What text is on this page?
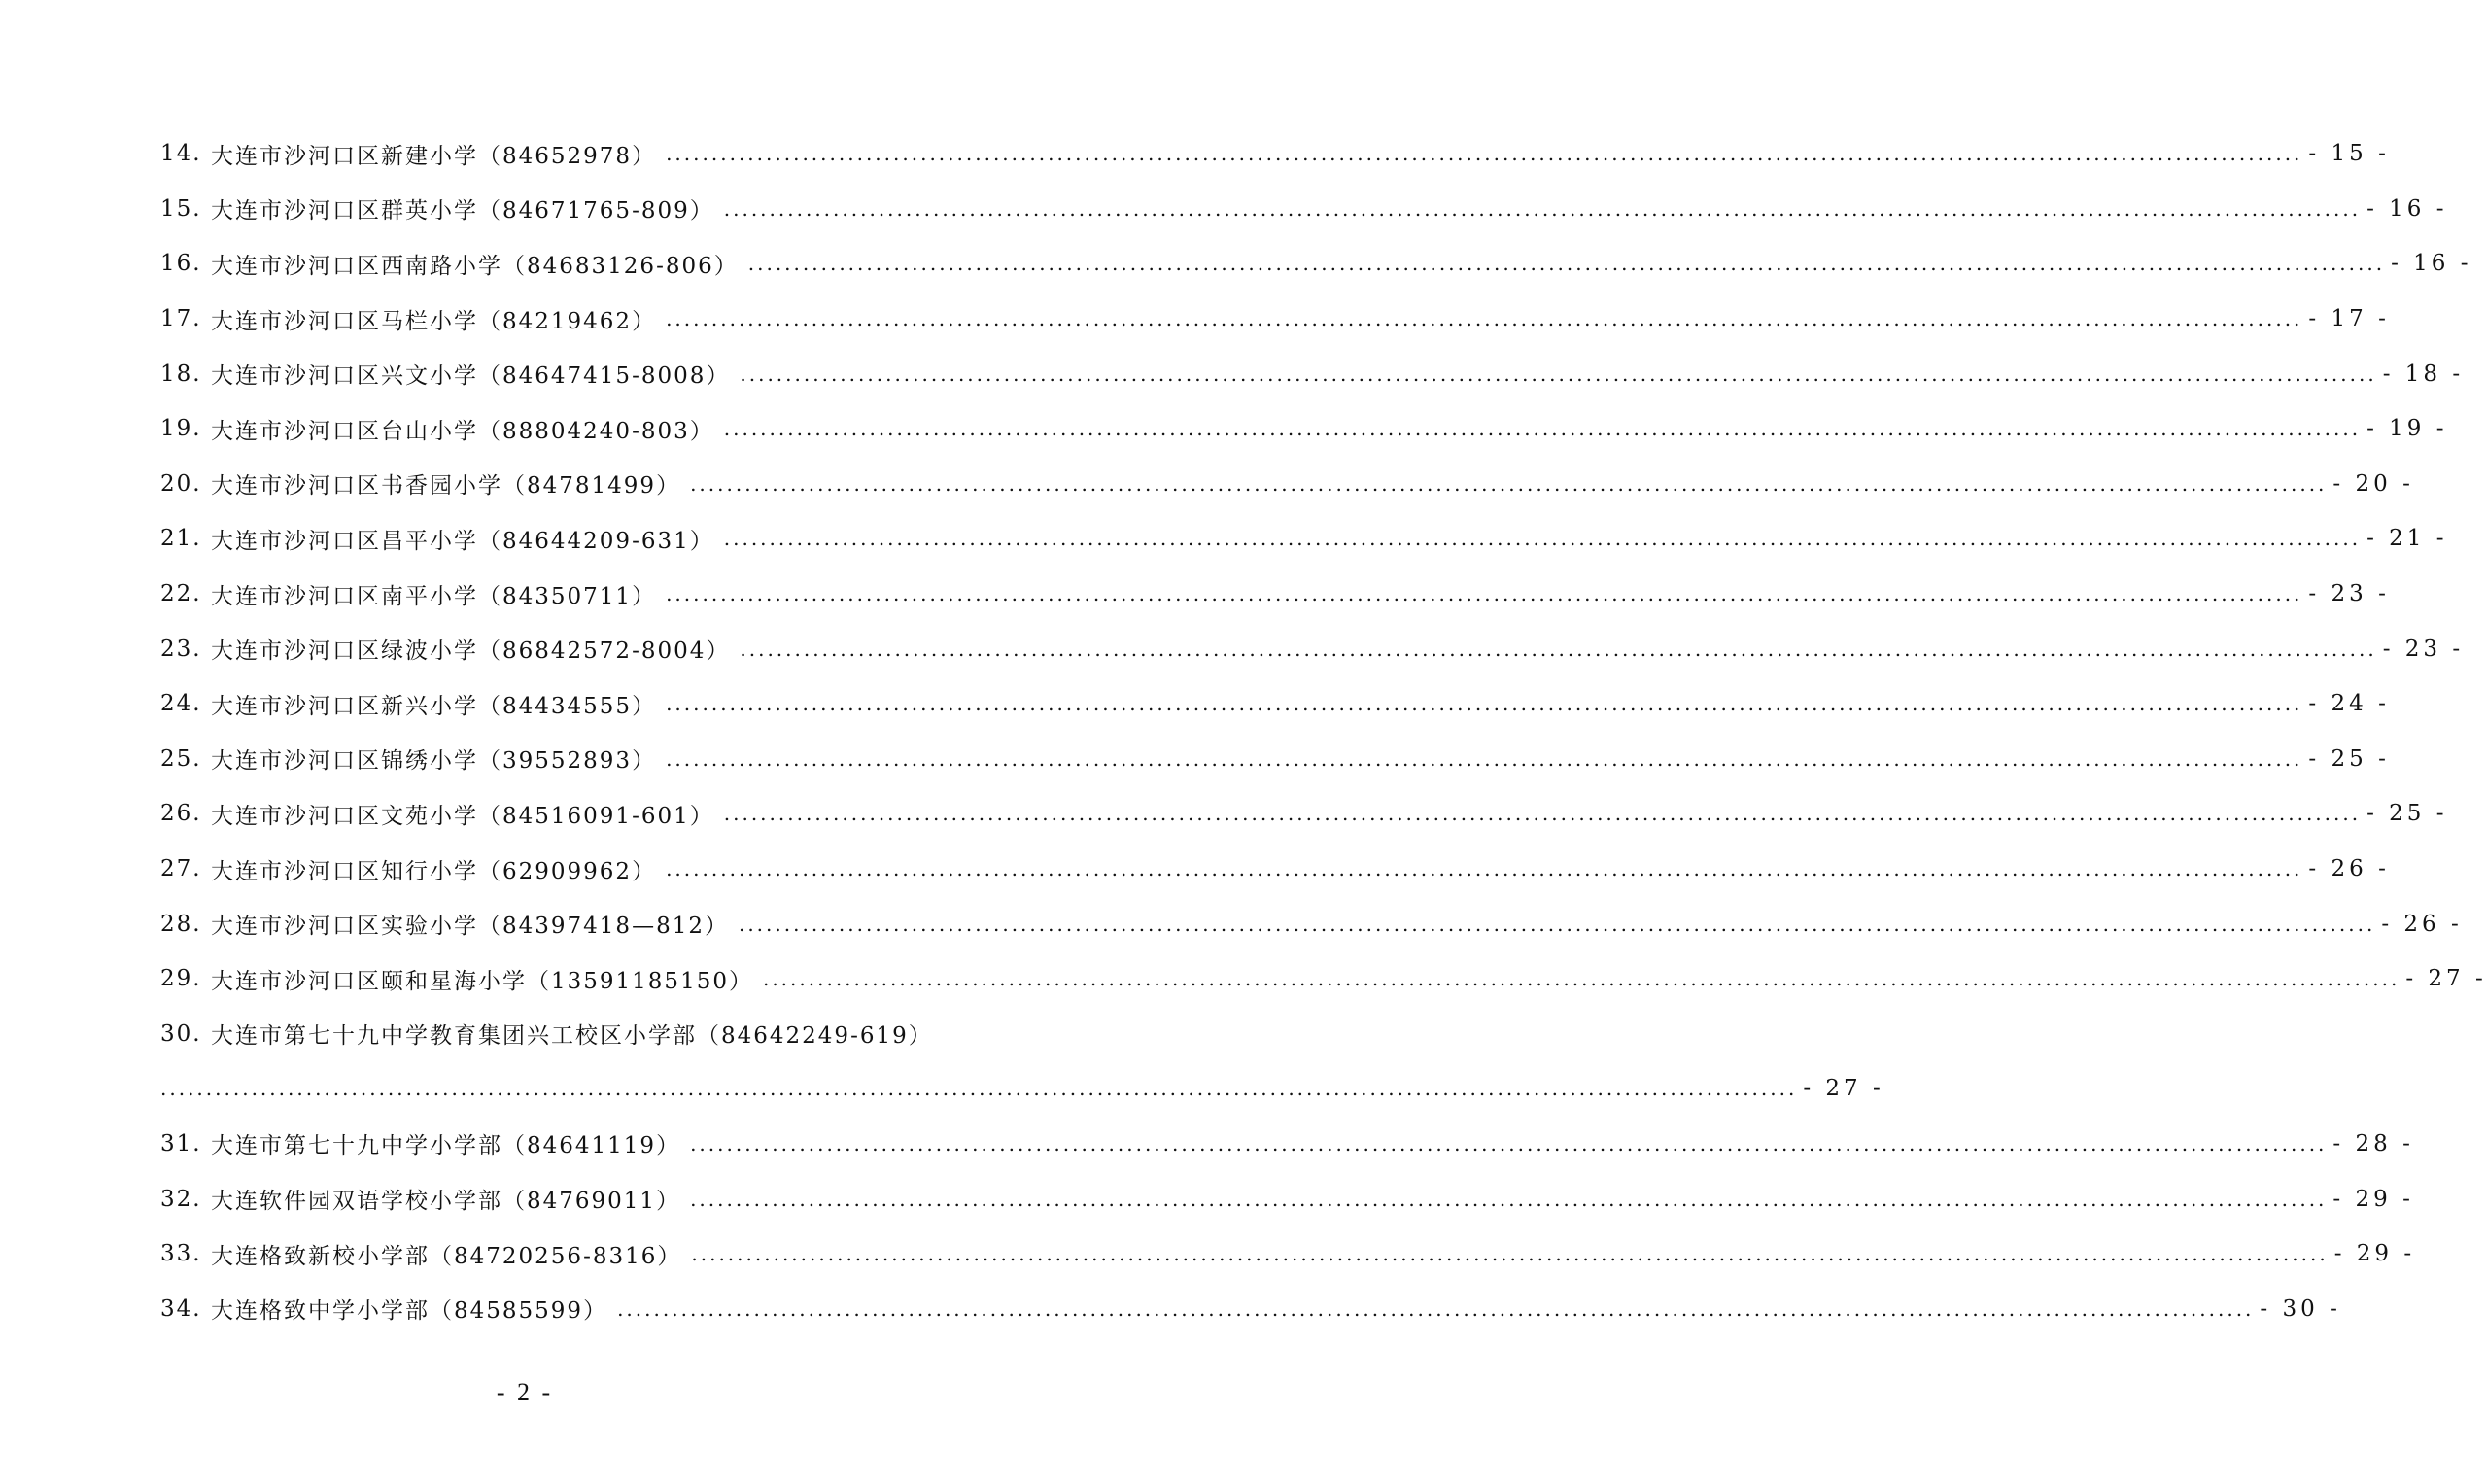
14. 大连市沙河口区新建小学（84652978） .....	- 15 -
15. 大连市沙河口区群英小学（84671765-809） .....	- 16 -
16. 大连市沙河口区西南路小学（84683126-806） .....	- 16 -
17. 大连市沙河口区马栏小学（84219462） .....	- 17 -
18. 大连市沙河口区兴文小学（84647415-8008） .....	- 18 -
19. 大连市沙河口区台山小学（88804240-803） .....	- 19 -
20. 大连市沙河口区书香园小学（84781499） .....	- 20 -
21. 大连市沙河口区昌平小学（84644209-631） .....	- 21 -
22. 大连市沙河口区南平小学（84350711） .....	- 23 -
23. 大连市沙河口区绿波小学（86842572-8004） .....	- 23 -
24. 大连市沙河口区新兴小学（84434555） .....	- 24 -
25. 大连市沙河口区锦绣小学（39552893） .....	- 25 -
26. 大连市沙河口区文苑小学（84516091-601） .....	- 25 -
27. 大连市沙河口区知行小学（62909962） .....	- 26 -
28. 大连市沙河口区实验小学（84397418—812） .....	- 26 -
29. 大连市沙河口区颐和星海小学（13591185150） .....	- 27 -
30. 大连市第七十九中学教育集团兴工校区小学部（84642249-619）
.....
- 27 -
31. 大连市第七十九中学小学部（84641119） .....	- 28 -
32. 大连软件园双语学校小学部（84769011） .....	- 29 -
33. 大连格致新校小学部（84720256-8316） .....	- 29 -
34. 大连格致中学小学部（84585599） .....	- 30 -
- 2 -
